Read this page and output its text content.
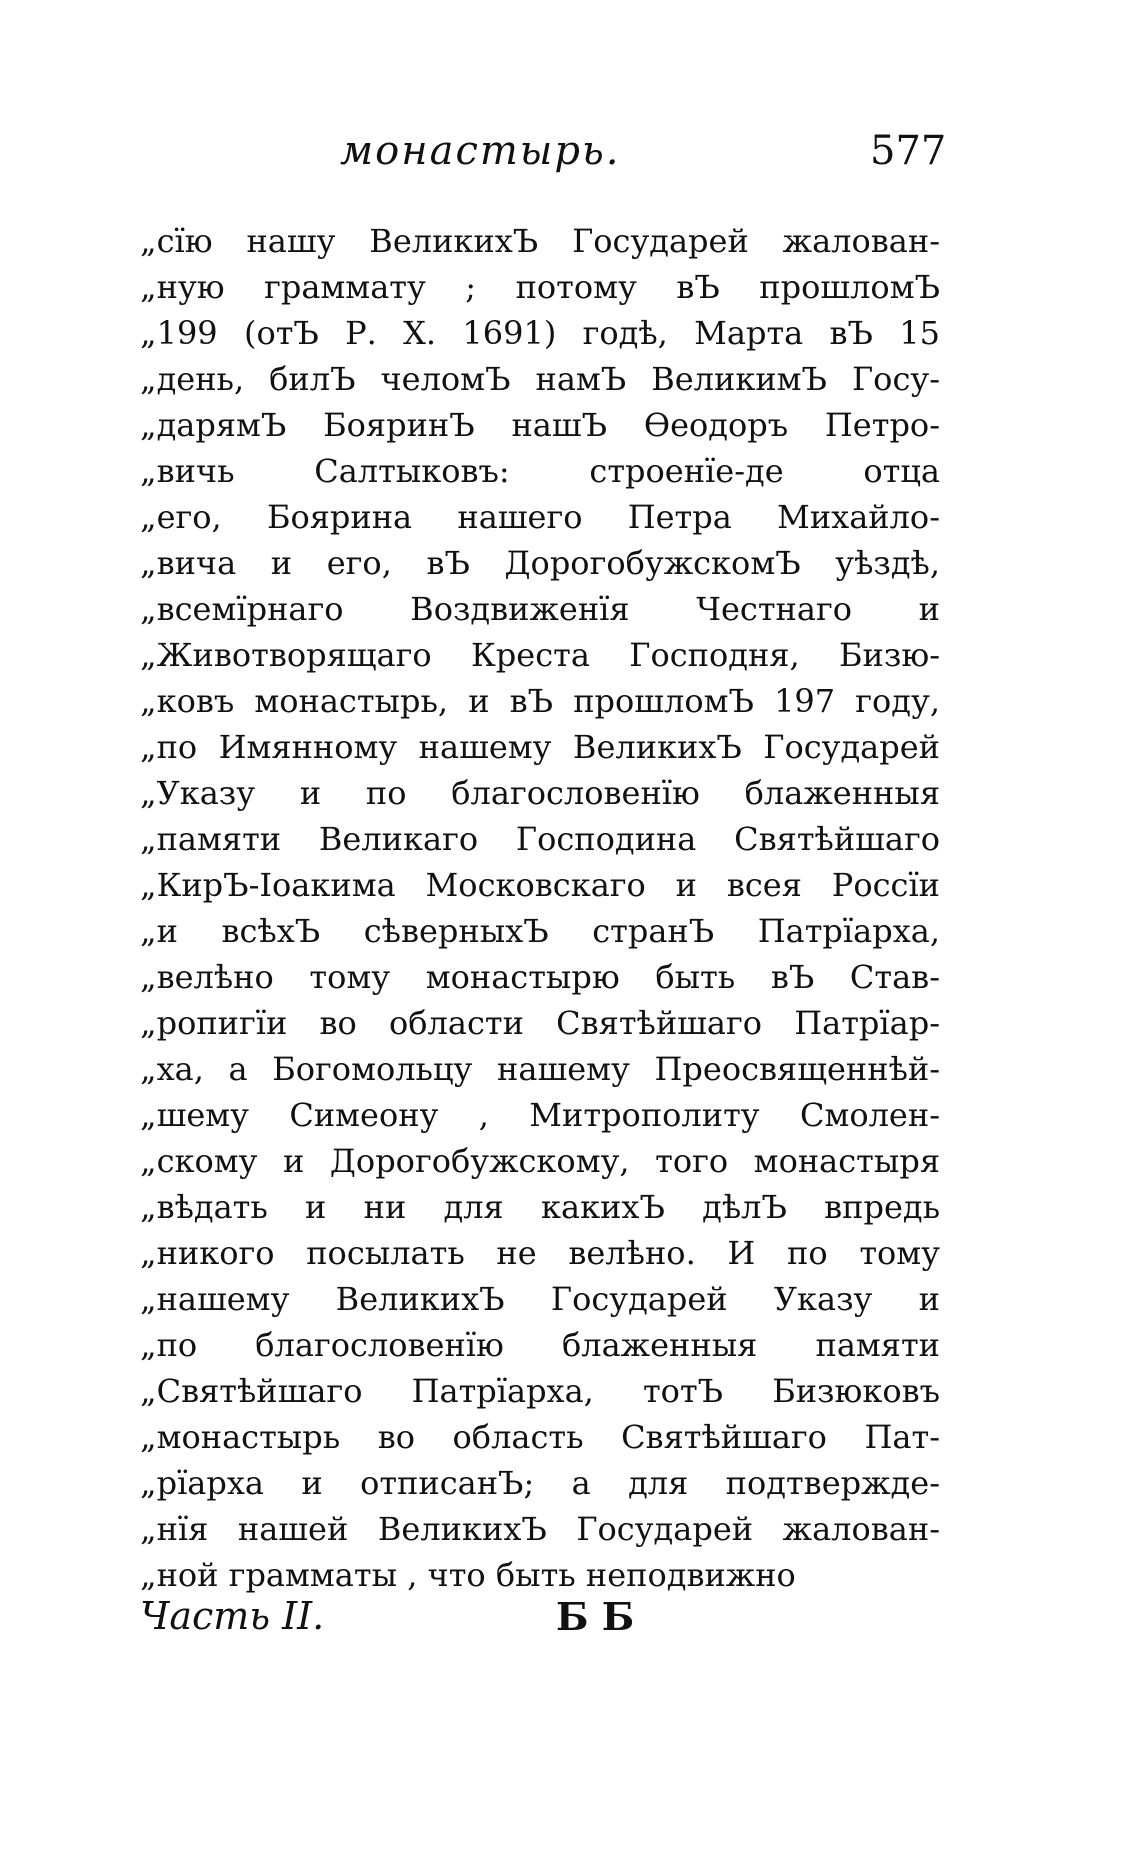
монастырь.	577
„сїю нашу ВеликихЪ Государей жалован-
„ную граммату ; потому вЪ прошломЪ
„199 (отЪ Р. Х. 1691) годѣ, Марта вЪ 15
„день, билЪ челомЪ намЪ ВеликимЪ Госу-
„дарямЪ БояринЪ нашЪ Ѳеодоръ Петро-
„вичь Салтыковъ: строенїе-де отца
„его, Боярина нашего Петра Михайло-
„вича и его, вЪ ДорогобужскомЪ уѣздѣ,
„всемїрнаго Воздвиженїя Честнаго и
„Животворящаго Креста Господня, Бизю-
„ковъ монастырь, и вЪ прошломЪ 197 году,
„по Имянному нашему ВеликихЪ Государей
„Указу и по благословенїю блаженныя
„памяти Великаго Господина Святѣйшаго
„КирЪ-Іоакима Московскаго и всея Россїи
„и всѣхЪ сѣверныхЪ странЪ Патрїарха,
„велѣно тому монастырю быть вЪ Став-
„ропигїи во области Святѣйшаго Патрїар-
„ха, а Богомольцу нашему Преосвященнѣй-
„шему Симеону , Митрополиту Смолен-
„скому и Дорогобужскому, того монастыря
„вѣдать и ни для какихЪ дѣлЪ впредь
„никого посылать не велѣно. И по тому
„нашему ВеликихЪ Государей Указу и
„по благословенїю блаженныя памяти
„Святѣйшаго Патрїарха, тотЪ Бизюковъ
„монастырь во область Святѣйшаго Пат-
„рїарха и отписанЪ; а для подтвержде-
„нїя нашей ВеликихЪ Государей жалован-
„ной грамматы , что быть неподвижно
Часть II.	Б Б
